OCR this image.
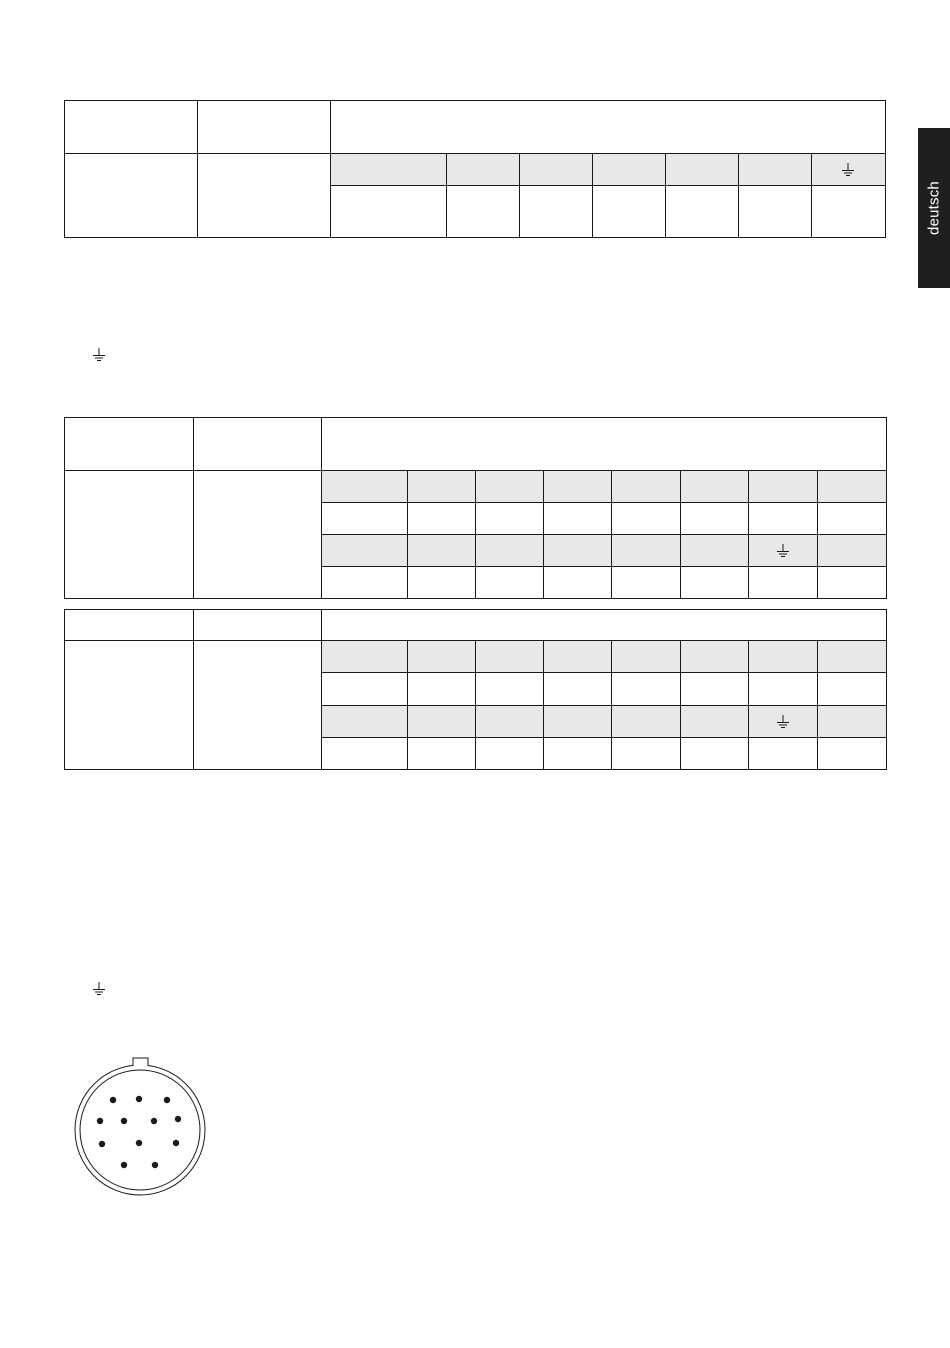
deutsch
